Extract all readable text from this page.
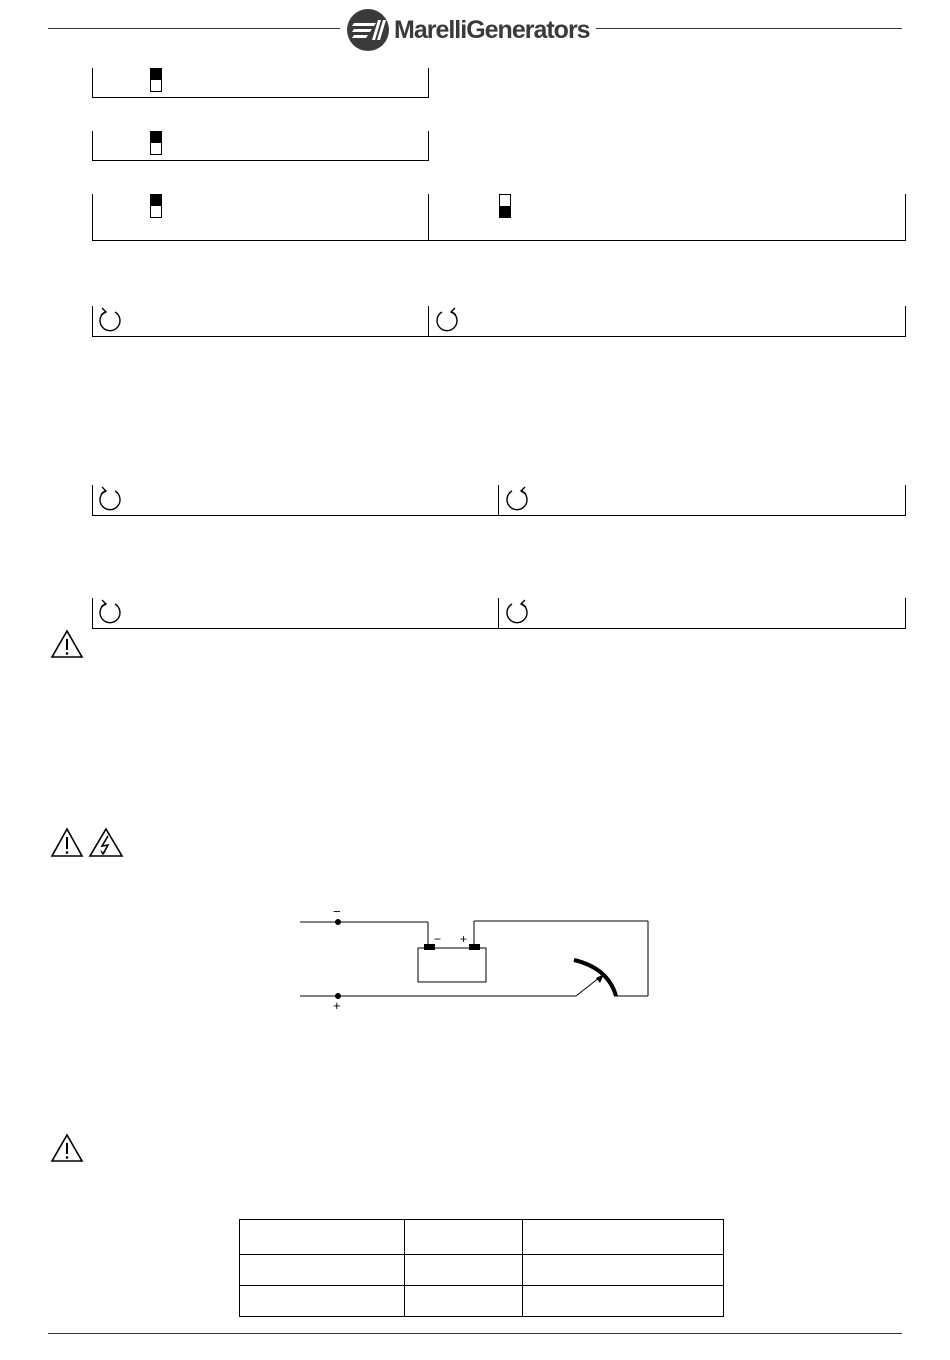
MarelliGenerators
−
+
− +
